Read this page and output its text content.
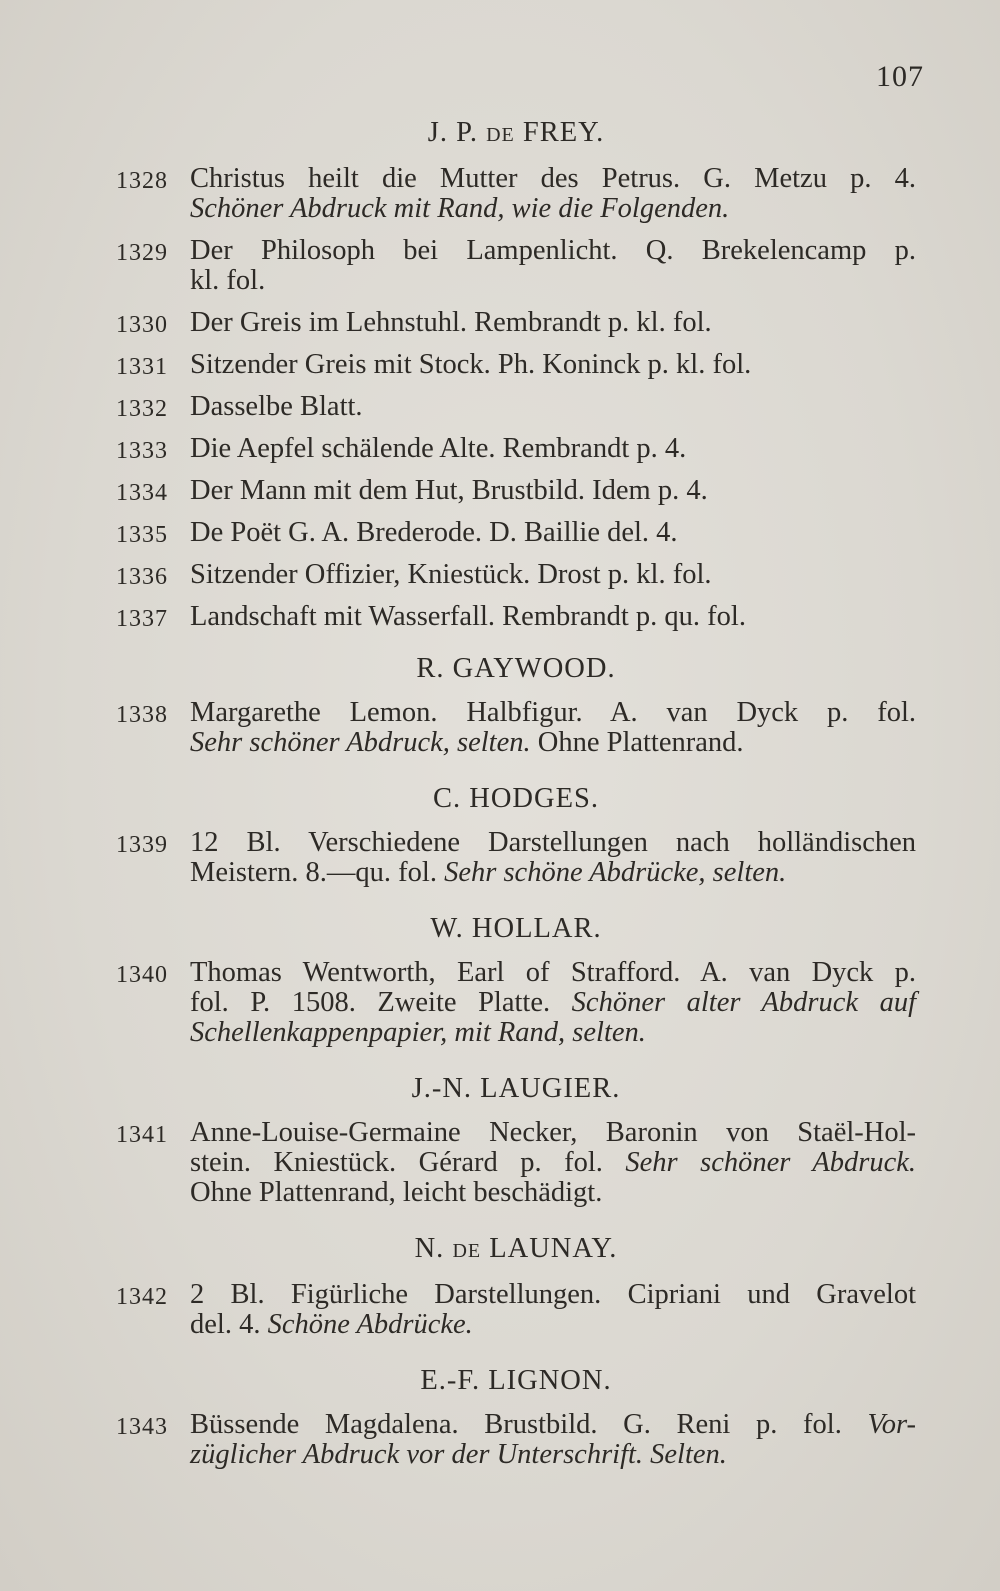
107
J. P. DE FREY.
1328 Christus heilt die Mutter des Petrus. G. Metzu p. 4.
Schöner Abdruck mit Rand, wie die Folgenden.
1329 Der Philosoph bei Lampenlicht. Q. Brekelencamp p.
kl. fol.
1330 Der Greis im Lehnstuhl. Rembrandt p. kl. fol.
1331 Sitzender Greis mit Stock. Ph. Koninck p. kl. fol.
1332 Dasselbe Blatt.
1333 Die Aepfel schälende Alte. Rembrandt p. 4.
1334 Der Mann mit dem Hut, Brustbild. Idem p. 4.
1335 De Poët G. A. Brederode. D. Baillie del. 4.
1336 Sitzender Offizier, Kniestück. Drost p. kl. fol.
1337 Landschaft mit Wasserfall. Rembrandt p. qu. fol.
R. GAYWOOD.
1338 Margarethe Lemon. Halbfigur. A. van Dyck p. fol.
Sehr schöner Abdruck, selten. Ohne Plattenrand.
C. HODGES.
1339 12 Bl. Verschiedene Darstellungen nach holländischen
Meistern. 8.—qu. fol. Sehr schöne Abdrücke, selten.
W. HOLLAR.
1340 Thomas Wentworth, Earl of Strafford. A. van Dyck p.
fol. P. 1508. Zweite Platte. Schöner alter Abdruck auf
Schellenkappenpapier, mit Rand, selten.
J.-N. LAUGIER.
1341 Anne-Louise-Germaine Necker, Baronin von Staël-Hol-
stein. Kniestück. Gérard p. fol. Sehr schöner Abdruck.
Ohne Plattenrand, leicht beschädigt.
N. DE LAUNAY.
1342 2 Bl. Figürliche Darstellungen. Cipriani und Gravelot
del. 4. Schöne Abdrücke.
E.-F. LIGNON.
1343 Büssende Magdalena. Brustbild. G. Reni p. fol. Vor-
züglicher Abdruck vor der Unterschrift. Selten.
